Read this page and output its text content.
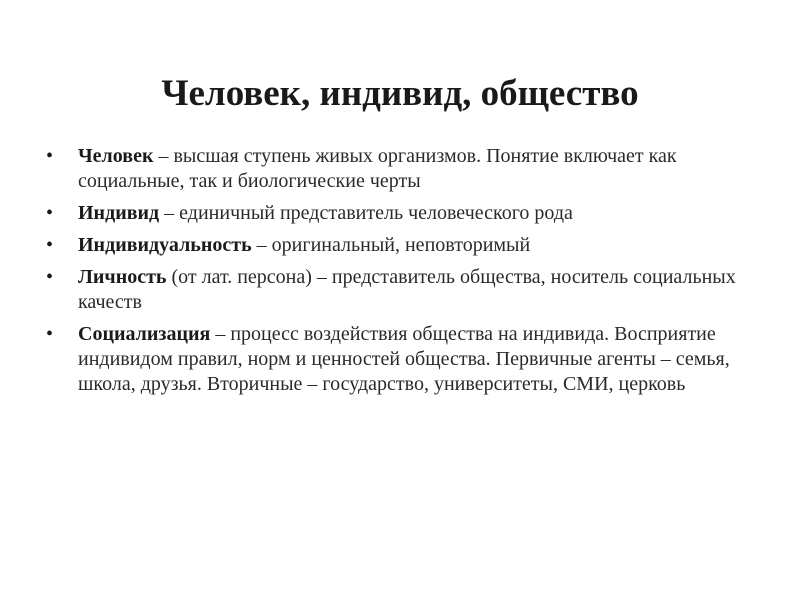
Человек, индивид, общество
•	Человек – высшая ступень живых организмов. Понятие включает как социальные, так и биологические черты
•	Индивид – единичный представитель человеческого рода
•	Индивидуальность – оригинальный, неповторимый
•	Личность (от лат. персона) – представитель общества, носитель социальных качеств
•	Социализация – процесс воздействия общества на индивида. Восприятие индивидом правил, норм и ценностей общества. Первичные агенты – семья, школа, друзья. Вторичные – государство, университеты, СМИ, церковь
